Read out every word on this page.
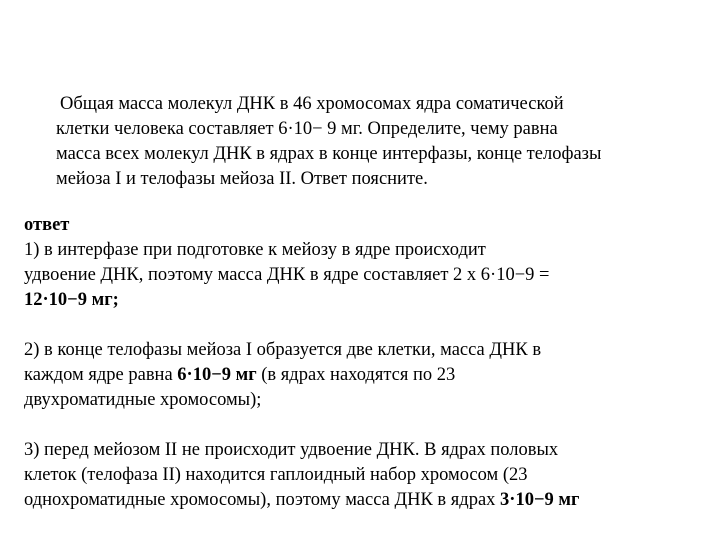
Общая масса молекул ДНК в 46 хромосомах ядра соматической
клетки человека составляет 6·10− 9 мг. Определите, чему равна
масса всех молекул ДНК в ядрах в конце интерфазы, конце телофазы
мейоза I и телофазы мейоза II. Ответ поясните.
ответ
1) в интерфазе при подготовке к мейозу в ядре происходит
удвоение ДНК, поэтому масса ДНК в ядре составляет 2 х 6·10−9 =
12·10−9 мг;
2) в конце телофазы мейоза I образуется две клетки, масса ДНК в
каждом ядре равна 6·10−9 мг (в ядрах находятся по 23
двухроматидные хромосомы);
3) перед мейозом II не происходит удвоение ДНК. В ядрах половых
клеток (телофаза II) находится гаплоидный набор хромосом (23
однохроматидные хромосомы), поэтому масса ДНК в ядрах 3·10−9 мг
